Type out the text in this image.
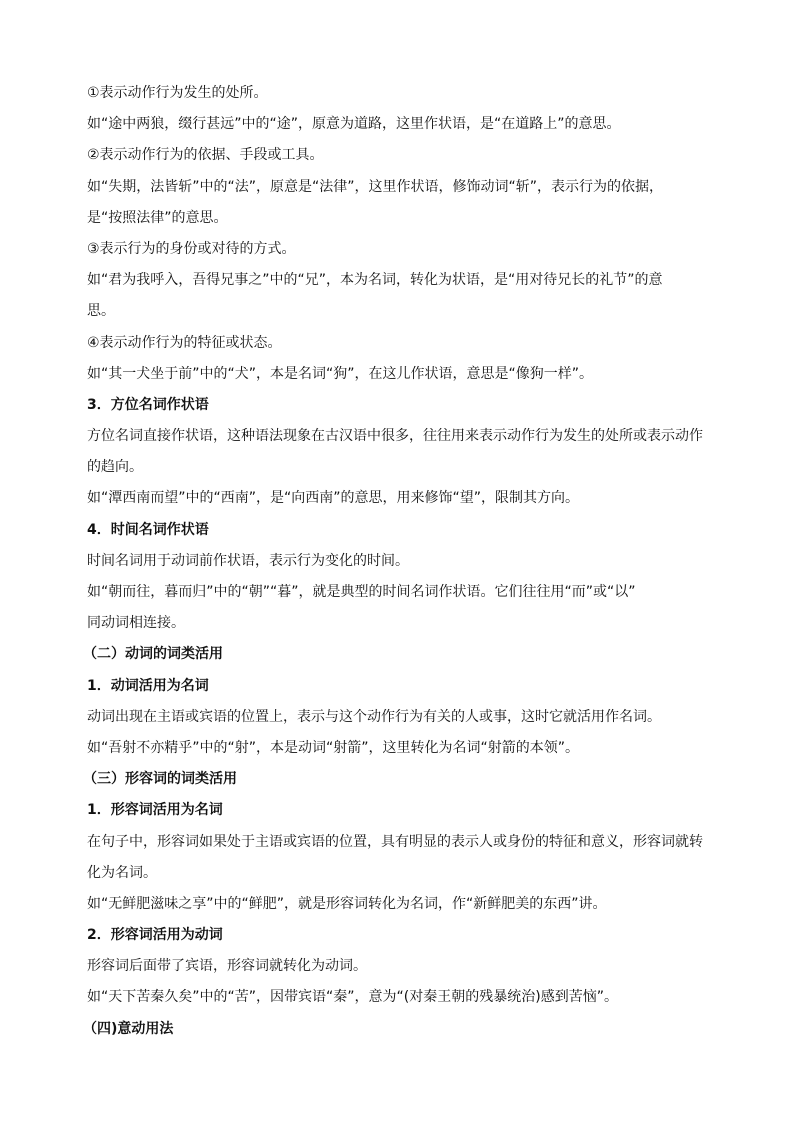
①表示动作行为发生的处所。
如“途中两狼，缀行甚远”中的“途”，原意为道路，这里作状语，是“在道路上”的意思。
②表示动作行为的依据、手段或工具。
如“失期，法皆斩”中的“法”，原意是“法律”，这里作状语，修饰动词“斩”，表示行为的依据，
是“按照法律”的意思。
③表示行为的身份或对待的方式。
如“君为我呼入，吾得兄事之”中的“兄”，本为名词，转化为状语，是“用对待兄长的礼节”的意
思。
④表示动作行为的特征或状态。
如“其一犬坐于前”中的“犬”，本是名词“狗”，在这儿作状语，意思是“像狗一样”。
3．方位名词作状语
方位名词直接作状语，这种语法现象在古汉语中很多，往往用来表示动作行为发生的处所或表示动作
的趋向。
如“潭西南而望”中的“西南”，是“向西南”的意思，用来修饰“望”，限制其方向。
4．时间名词作状语
时间名词用于动词前作状语，表示行为变化的时间。
如“朝而往，暮而归”中的“朝”“暮”，就是典型的时间名词作状语。它们往往用“而”或“以”
同动词相连接。
（二）动词的词类活用
1．动词活用为名词
动词出现在主语或宾语的位置上，表示与这个动作行为有关的人或事，这时它就活用作名词。
如“吾射不亦精乎”中的“射”，本是动词“射箭”，这里转化为名词“射箭的本领”。
（三）形容词的词类活用
1．形容词活用为名词
在句子中，形容词如果处于主语或宾语的位置，具有明显的表示人或身份的特征和意义，形容词就转
化为名词。
如“无鲜肥滋味之享”中的“鲜肥”，就是形容词转化为名词，作“新鲜肥美的东西”讲。
2．形容词活用为动词
形容词后面带了宾语，形容词就转化为动词。
如“天下苦秦久矣”中的“苦”，因带宾语“秦”，意为“(对秦王朝的残暴统治)感到苦恼”。
（四)意动用法
